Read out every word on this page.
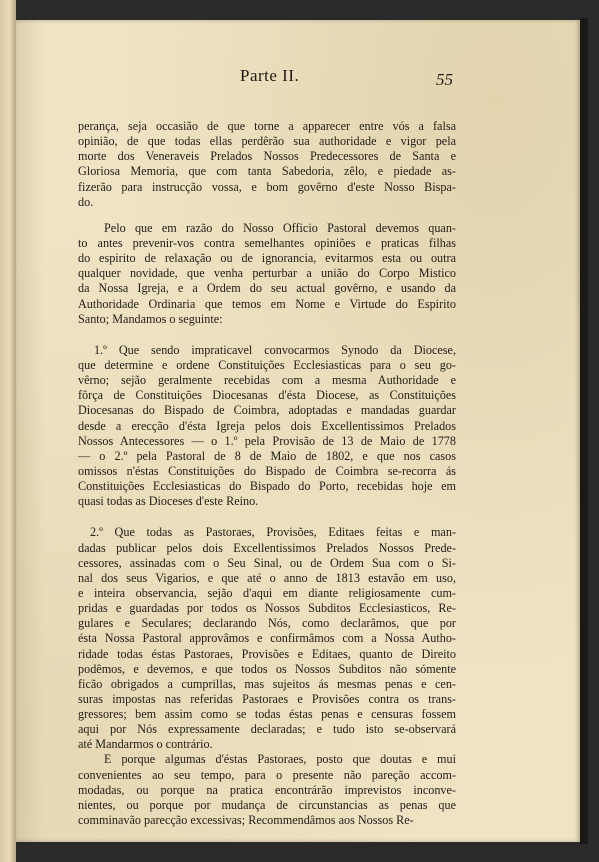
Parte II.	55
perança, seja occasião de que torne a apparecer entre vós a falsa
opinião, de que todas ellas perdêrão sua authoridade e vigor pela
morte dos Veneraveis Prelados Nossos Predecessores de Santa e
Gloriosa Memoria, que com tanta Sabedoria, zêlo, e piedade as-
fizerão para instrucção vossa, e bom govêrno d'este Nosso Bispa-
do.
Pelo que em razão do Nosso Officio Pastoral devemos quan-
to antes prevenir-vos contra semelhantes opiniões e praticas filhas
do espirito de relaxação ou de ignorancia, evitarmos esta ou outra
qualquer novidade, que venha perturbar a união do Corpo Mistico
da Nossa Igreja, e a Ordem do seu actual govêrno, e usando da
Authoridade Ordinaria que temos em Nome e Virtude do Espirito
Santo; Mandamos o seguinte:
1.º Que sendo impraticavel convocarmos Synodo da Diocese,
que determine e ordene Constituições Ecclesiasticas para o seu go-
vêrno; sejão geralmente recebidas com a mesma Authoridade e
fôrça de Constituições Diocesanas d'ésta Diocese, as Constituições
Diocesanas do Bispado de Coimbra, adoptadas e mandadas guardar
desde a erecção d'ésta Igreja pelos dois Excellentissimos Prelados
Nossos Antecessores — o 1.º pela Provisão de 13 de Maio de 1778
— o 2.º pela Pastoral de 8 de Maio de 1802, e que nos casos
omissos n'éstas Constituições do Bispado de Coimbra se-recorra ás
Constituições Ecclesiasticas do Bispado do Porto, recebidas hoje em
quasi todas as Dioceses d'este Reino.
2.º Que todas as Pastoraes, Provisões, Editaes feitas e man-
dadas publicar pelos dois Excellentissimos Prelados Nossos Prede-
cessores, assinadas com o Seu Sinal, ou de Ordem Sua com o Si-
nal dos seus Vigarios, e que até o anno de 1813 estavão em uso,
e inteira observancia, sejão d'aqui em diante religiosamente cum-
pridas e guardadas por todos os Nossos Subditos Ecclesiasticos, Re-
gulares e Seculares; declarando Nós, como declarâmos, que por
ésta Nossa Pastoral approvâmos e confirmâmos com a Nossa Autho-
ridade todas éstas Pastoraes, Provisões e Editaes, quanto de Direito
podêmos, e devemos, e que todos os Nossos Subditos não sómente
ficão obrigados a cumprillas, mas sujeitos ás mesmas penas e cen-
suras impostas nas referidas Pastoraes e Provisões contra os trans-
gressores; bem assim como se todas éstas penas e censuras fossem
aqui por Nós expressamente declaradas; e tudo isto se-observará
até Mandarmos o contrário.
E porque algumas d'éstas Pastoraes, posto que doutas e mui
convenientes ao seu tempo, para o presente não pareção accom-
modadas, ou porque na pratica encontrárão imprevistos inconve-
nientes, ou porque por mudança de circunstancias as penas que
comminavão parecção excessivas; Recommendâmos aos Nossos Re-
